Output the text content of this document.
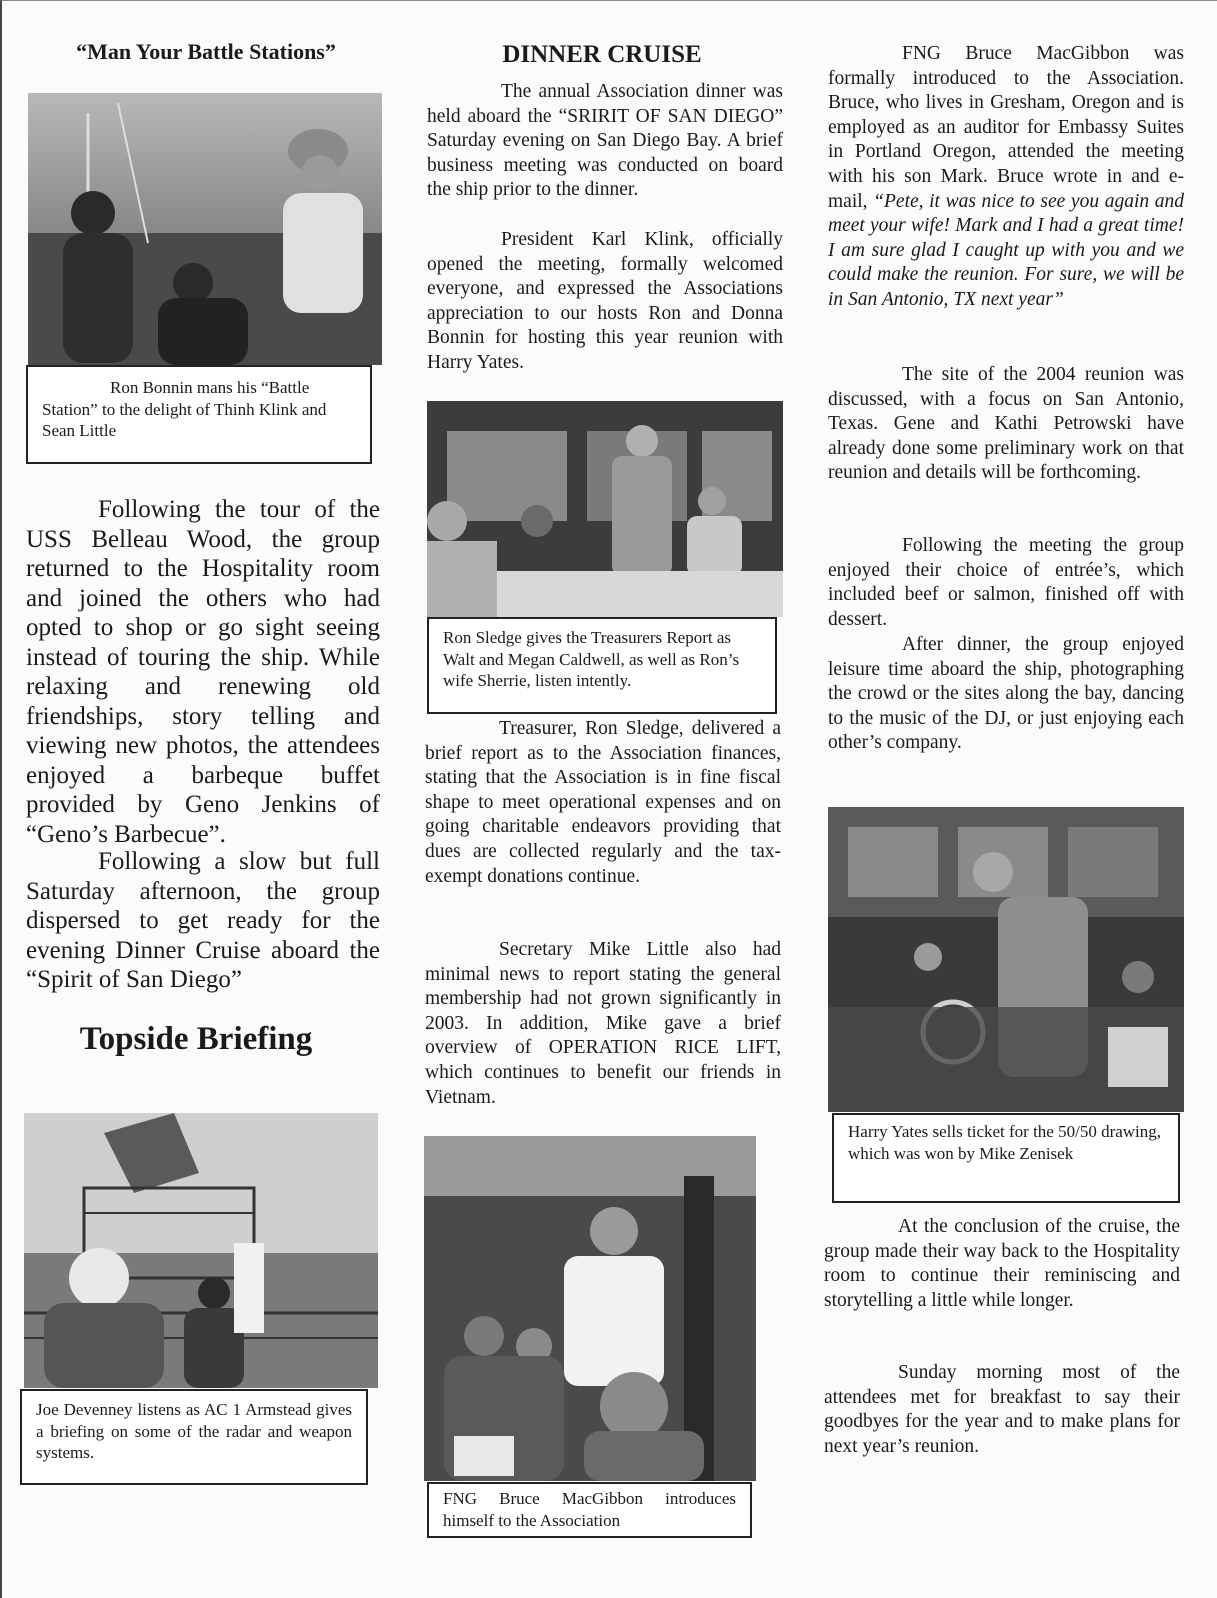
“Man Your Battle Stations”

Ron Bonnin mans his “Battle Station” to the delight of Thinh Klink and Sean Little

Following the tour of the USS Belleau Wood, the group returned to the Hospitality room and joined the others who had opted to shop or go sight seeing instead of touring the ship. While relaxing and renewing old friendships, story telling and viewing new photos, the attendees enjoyed a barbeque buffet provided by Geno Jenkins of “Geno’s Barbecue”.

Following a slow but full Saturday afternoon, the group dispersed to get ready for the evening Dinner Cruise aboard the “Spirit of San Diego”

Topside Briefing

Joe Devenney listens as AC 1 Armstead gives a briefing on some of the radar and weapon systems.

DINNER CRUISE

The annual Association dinner was held aboard the “SRIRIT OF SAN DIEGO” Saturday evening on San Diego Bay. A brief business meeting was conducted on board the ship prior to the dinner.

President Karl Klink, officially opened the meeting, formally welcomed everyone, and expressed the Associations appreciation to our hosts Ron and Donna Bonnin for hosting this year reunion with Harry Yates.

Ron Sledge gives the Treasurers Report as Walt and Megan Caldwell, as well as Ron’s wife Sherrie, listen intently.

Treasurer, Ron Sledge, delivered a brief report as to the Association finances, stating that the Association is in fine fiscal shape to meet operational expenses and on going charitable endeavors providing that dues are collected regularly and the tax-exempt donations continue.

Secretary Mike Little also had minimal news to report stating the general membership had not grown significantly in 2003. In addition, Mike gave a brief overview of OPERATION RICE LIFT, which continues to benefit our friends in Vietnam.

FNG Bruce MacGibbon introduces himself to the Association

FNG Bruce MacGibbon was formally introduced to the Association. Bruce, who lives in Gresham, Oregon and is employed as an auditor for Embassy Suites in Portland Oregon, attended the meeting with his son Mark. Bruce wrote in and e-mail, “Pete, it was nice to see you again and meet your wife! Mark and I had a great time! I am sure glad I caught up with you and we could make the reunion. For sure, we will be in San Antonio, TX next year”

The site of the 2004 reunion was discussed, with a focus on San Antonio, Texas. Gene and Kathi Petrowski have already done some preliminary work on that reunion and details will be forthcoming.

Following the meeting the group enjoyed their choice of entrée’s, which included beef or salmon, finished off with dessert.

After dinner, the group enjoyed leisure time aboard the ship, photographing the crowd or the sites along the bay, dancing to the music of the DJ, or just enjoying each other’s company.

Harry Yates sells ticket for the 50/50 drawing, which was won by Mike Zenisek

At the conclusion of the cruise, the group made their way back to the Hospitality room to continue their reminiscing and storytelling a little while longer.

Sunday morning most of the attendees met for breakfast to say their goodbyes for the year and to make plans for next year’s reunion.
